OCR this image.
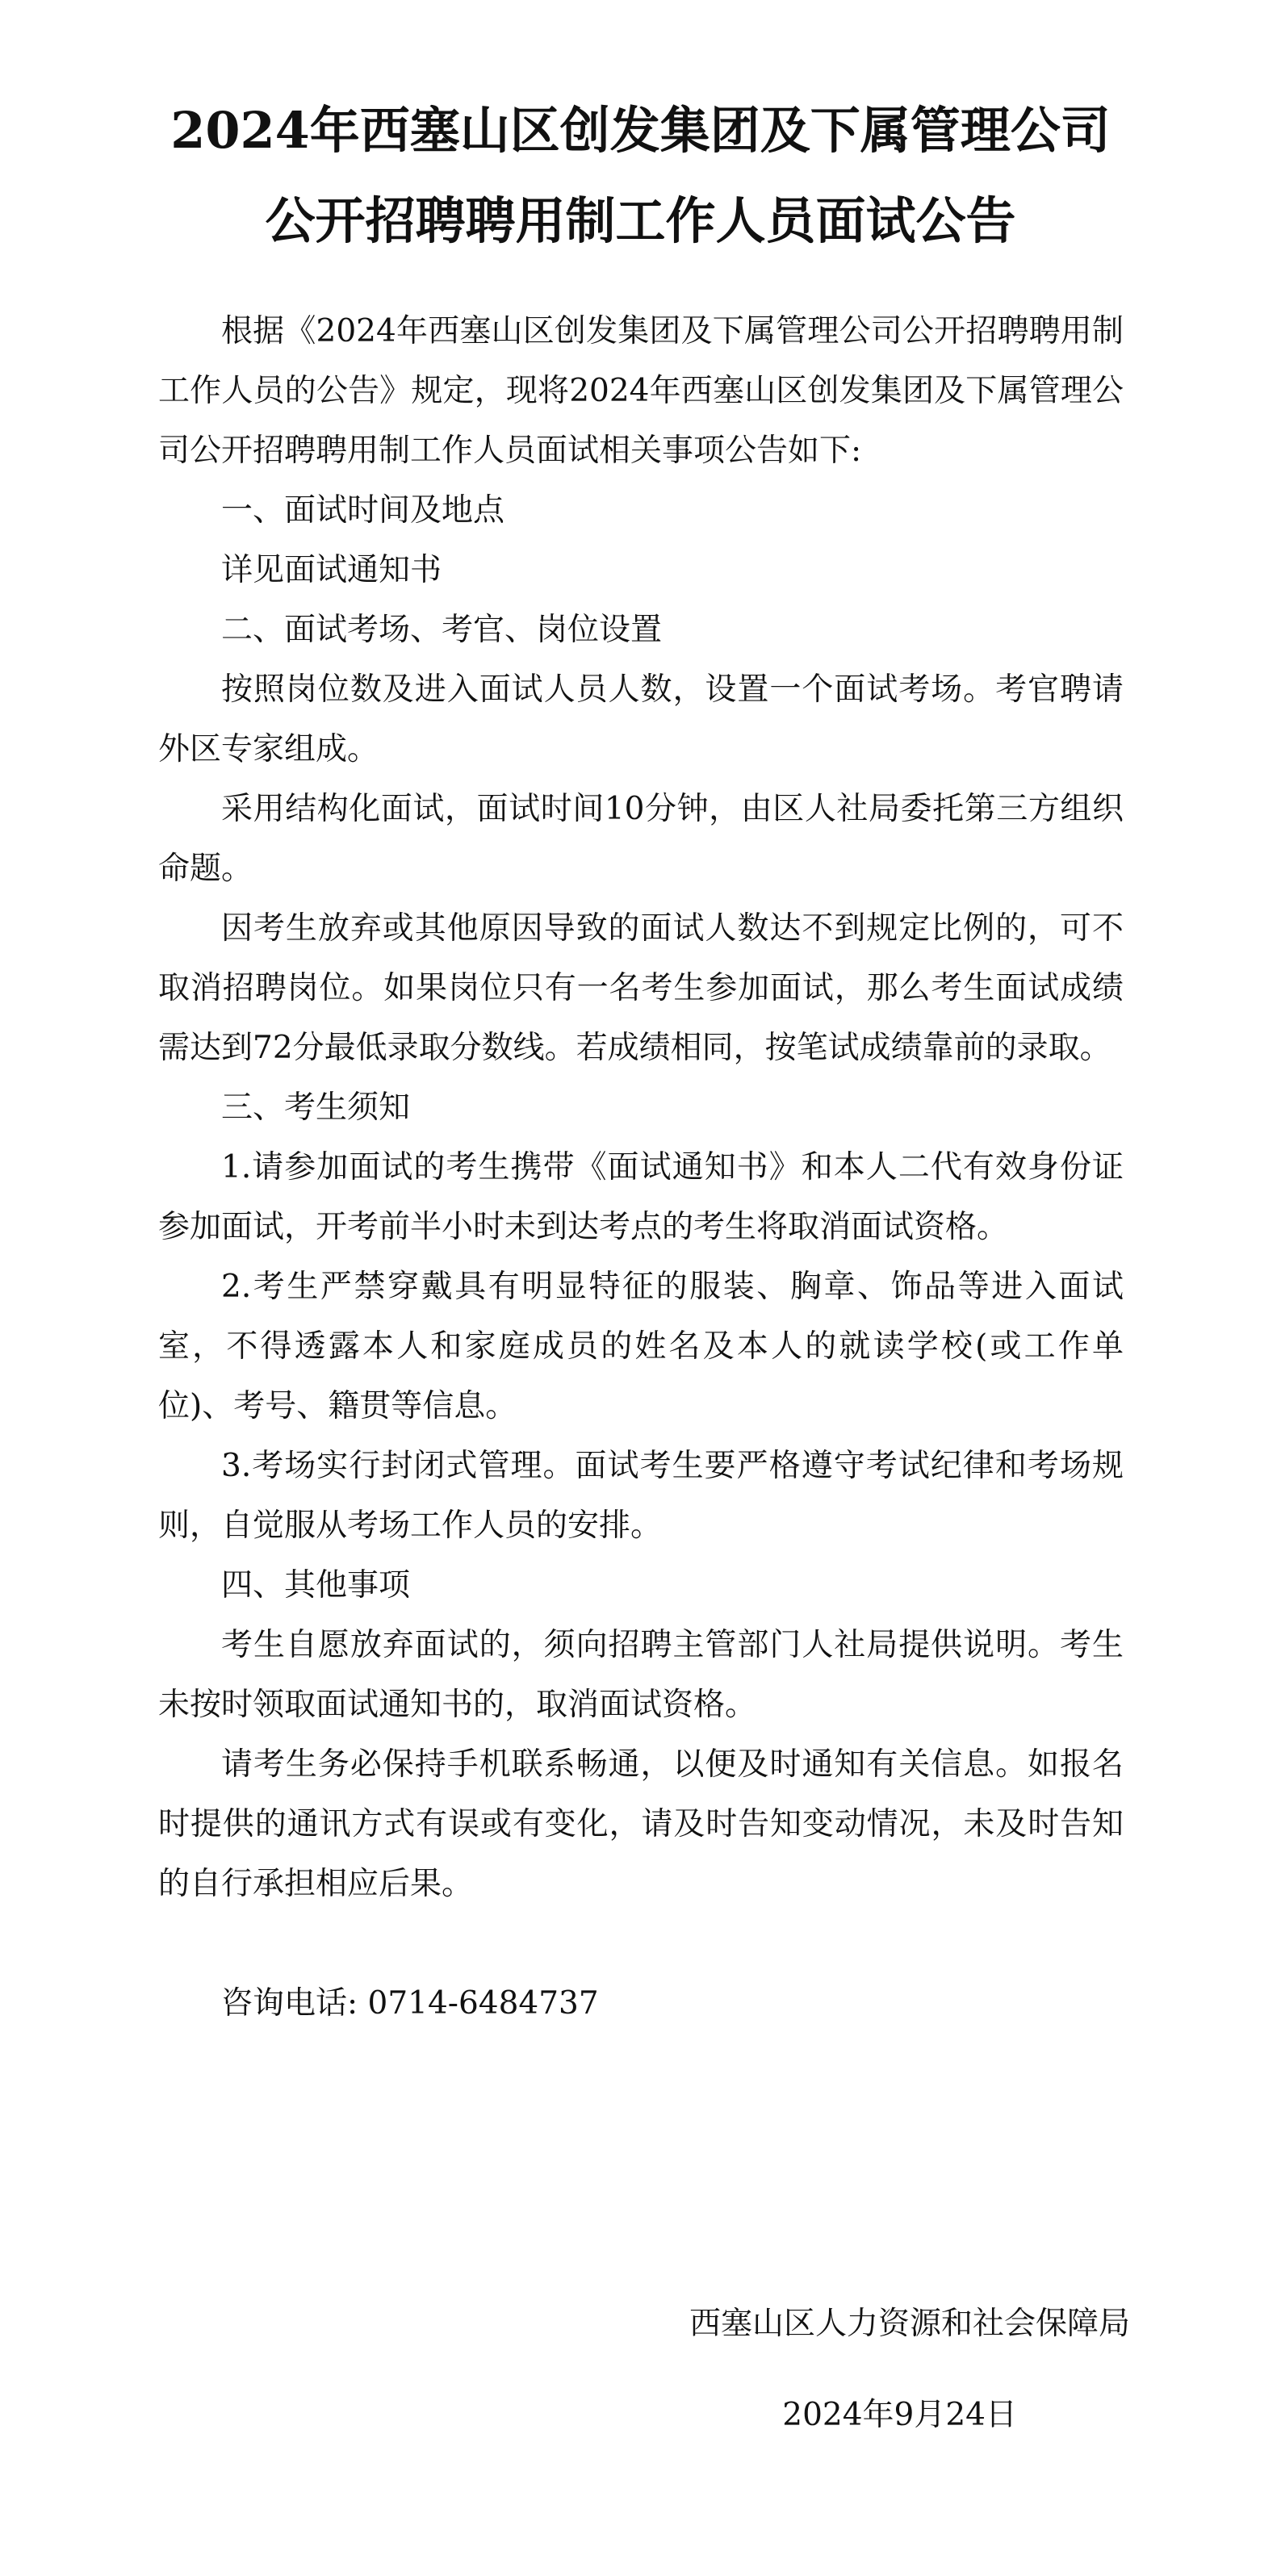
2024年西塞山区创发集团及下属管理公司
公开招聘聘用制工作人员面试公告

根据《2024年西塞山区创发集团及下属管理公司公开招聘聘用制工作人员的公告》规定，现将2024年西塞山区创发集团及下属管理公司公开招聘聘用制工作人员面试相关事项公告如下:

一、面试时间及地点

详见面试通知书

二、面试考场、考官、岗位设置

按照岗位数及进入面试人员人数，设置一个面试考场。考官聘请外区专家组成。

采用结构化面试，面试时间10分钟，由区人社局委托第三方组织命题。

因考生放弃或其他原因导致的面试人数达不到规定比例的，可不取消招聘岗位。如果岗位只有一名考生参加面试，那么考生面试成绩需达到72分最低录取分数线。若成绩相同，按笔试成绩靠前的录取。

三、考生须知

1.请参加面试的考生携带《面试通知书》和本人二代有效身份证参加面试，开考前半小时未到达考点的考生将取消面试资格。

2.考生严禁穿戴具有明显特征的服装、胸章、饰品等进入面试室，不得透露本人和家庭成员的姓名及本人的就读学校(或工作单位)、考号、籍贯等信息。

3.考场实行封闭式管理。面试考生要严格遵守考试纪律和考场规则，自觉服从考场工作人员的安排。

四、其他事项

考生自愿放弃面试的，须向招聘主管部门人社局提供说明。考生未按时领取面试通知书的，取消面试资格。

请考生务必保持手机联系畅通，以便及时通知有关信息。如报名时提供的通讯方式有误或有变化，请及时告知变动情况，未及时告知的自行承担相应后果。

咨询电话: 0714-6484737

西塞山区人力资源和社会保障局
2024年9月24日
